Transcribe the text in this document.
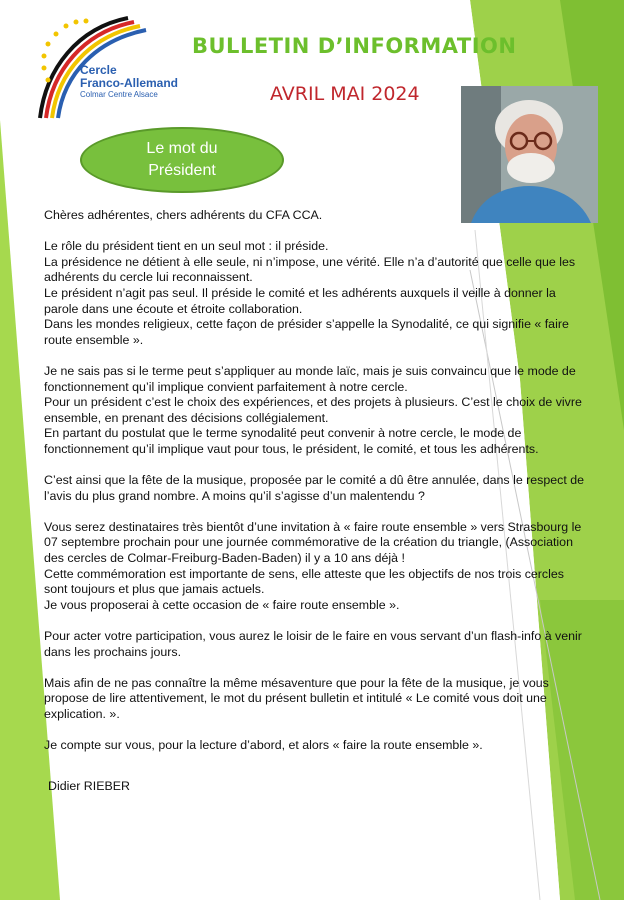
Cercle
Franco-Allemand
Colmar Centre Alsace
BULLETIN D’INFORMATION
AVRIL MAI 2024
Le mot du
Président

Chères adhérentes, chers adhérents du CFA CCA.

Le rôle du président tient en un seul mot : il préside.

La présidence ne détient à elle seule, ni n’impose, une vérité. Elle n’a d’autorité que celle que les adhérents du cercle lui reconnaissent.

Le président n’agit pas seul. Il préside le comité et les adhérents auxquels il veille à donner la parole dans une écoute et étroite collaboration.

Dans les mondes religieux, cette façon de présider s’appelle la Synodalité, ce qui signifie « faire route ensemble ».

Je ne sais pas si le terme peut s’appliquer au monde laïc, mais je suis convaincu que le mode de fonctionnement qu’il implique convient parfaitement à notre cercle.

Pour un président c’est le choix des expériences, et des projets à plusieurs. C’est le choix de vivre ensemble, en prenant des décisions collégialement.

En partant du postulat que le terme synodalité peut convenir à notre cercle, le mode de fonctionnement qu’il implique vaut pour tous, le président, le comité, et tous les adhérents.

C’est ainsi que la fête de la musique, proposée par le comité a dû être annulée, dans le respect de l’avis du plus grand nombre. A moins qu’il s’agisse d’un malentendu ?

Vous serez destinataires très bientôt d’une invitation à « faire route ensemble » vers Strasbourg le 07 septembre prochain pour une journée commémorative de la création du triangle, (Association des cercles de Colmar-Freiburg-Baden-Baden) il y a 10 ans déjà !

Cette commémoration est importante de sens, elle atteste que les objectifs de nos trois cercles sont toujours et plus que jamais actuels.

Je vous proposerai à cette occasion de « faire route ensemble ».

Pour acter votre participation, vous aurez le loisir de le faire en vous servant d’un flash-info à venir dans les prochains jours.

Mais afin de ne pas connaître la même mésaventure que pour la fête de la musique, je vous propose de lire attentivement, le mot du présent bulletin et intitulé « Le comité vous doit une explication. ».

Je compte sur vous, pour la lecture d’abord, et alors « faire la route ensemble ».

Didier RIEBER
